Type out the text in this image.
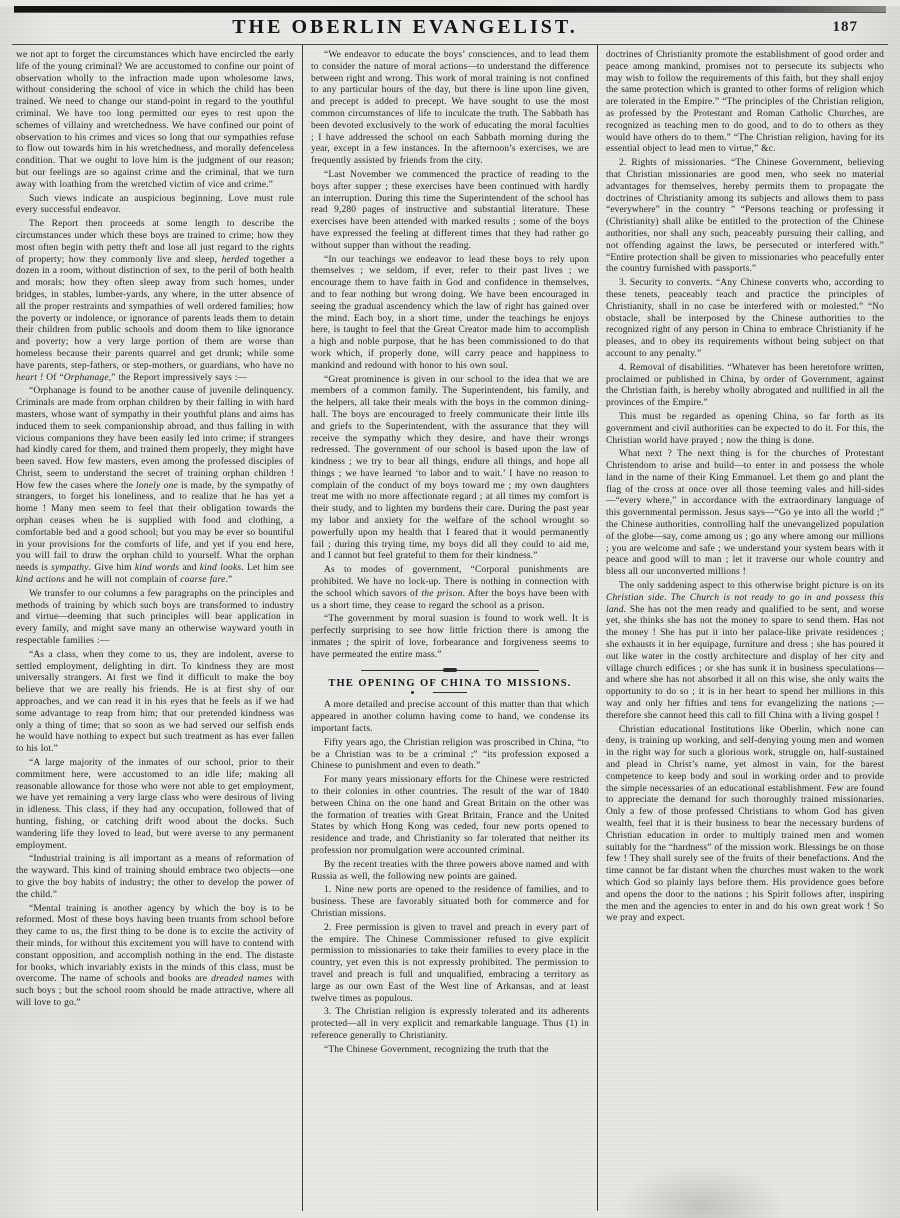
THE OBERLIN EVANGELIST.	187

we not apt to forget the circumstances which have encircled the early life of the young criminal? We are accustomed to confine our point of observation wholly to the infraction made upon wholesome laws, without considering the school of vice in which the child has been trained. We need to change our stand-point in regard to the youthful criminal. We have too long permitted our eyes to rest upon the schemes of villainy and wretchedness. We have confined our point of observation to his crimes and vices so long that our sympathies refuse to flow out towards him in his wretchedness, and morally defenceless condition. That we ought to love him is the judgment of our reason; but our feelings are so against crime and the criminal, that we turn away with loathing from the wretched victim of vice and crime.”

Such views indicate an auspicious beginning. Love must rule every successful endeavor.

The Report then proceeds at some length to describe the circumstances under which these boys are trained to crime; how they most often begin with petty theft and lose all just regard to the rights of property; how they commonly live and sleep, herded together a dozen in a room, without distinction of sex, to the peril of both health and morals; how they often sleep away from such homes, under bridges, in stables, lumber-yards, any where, in the utter absence of all the proper restraints and sympathies of well ordered families; how the poverty or indolence, or ignorance of parents leads them to detain their children from public schools and doom them to like ignorance and poverty; how a very large portion of them are worse than homeless because their parents quarrel and get drunk; while some have parents, step-fathers, or step-mothers, or guardians, who have no heart ! Of “Orphanage,” the Report impressively says :—

“Orphanage is found to be another cause of juvenile delinquency. Criminals are made from orphan children by their falling in with hard masters, whose want of sympathy in their youthful plans and aims has induced them to seek companionship abroad, and thus falling in with vicious companions they have been easily led into crime; if strangers had kindly cared for them, and trained them properly, they might have been saved. How few masters, even among the professed disciples of Christ, seem to understand the secret of training orphan children ! How few the cases where the lonely one is made, by the sympathy of strangers, to forget his loneliness, and to realize that he has yet a home ! Many men seem to feel that their obligation towards the orphan ceases when he is supplied with food and clothing, a comfortable bed and a good school; but you may be ever so bountiful in your provisions for the comforts of life, and yet if you end here, you will fail to draw the orphan child to yourself. What the orphan needs is sympathy. Give him kind words and kind looks. Let him see kind actions and he will not complain of coarse fare.”

We transfer to our columns a few paragraphs on the principles and methods of training by which such boys are transformed to industry and virtue—deeming that such principles will bear application in every family, and might save many an otherwise wayward youth in respectable families :—

“As a class, when they come to us, they are indolent, averse to settled employment, delighting in dirt. To kindness they are most universally strangers. At first we find it difficult to make the boy believe that we are really his friends. He is at first shy of our approaches, and we can read it in his eyes that he feels as if we had some advantage to reap from him; that our pretended kindness was only a thing of time; that so soon as we had served our selfish ends he would have nothing to expect but such treatment as has ever fallen to his lot.”

“A large majority of the inmates of our school, prior to their commitment here, were accustomed to an idle life; making all reasonable allowance for those who were not able to get employment, we have yet remaining a very large class who were desirous of living in idleness. This class, if they had any occupation, followed that of hunting, fishing, or catching drift wood about the docks. Such wandering life they loved to lead, but were averse to any permanent employment.

“Industrial training is all important as a means of reformation of the wayward. This kind of training should embrace two objects—one to give the boy habits of industry; the other to develop the power of the child.”

“Mental training is another agency by which the boy is to be reformed. Most of these boys having been truants from school before they came to us, the first thing to be done is to excite the activity of their minds, for without this excitement you will have to contend with constant opposition, and accomplish nothing in the end. The distaste for books, which invariably exists in the minds of this class, must be overcome. The name of schools and books are dreaded names with such boys ; but the school room should be made attractive, where all will love to go.”

“We endeavor to educate the boys’ consciences, and to lead them to consider the nature of moral actions—to understand the difference between right and wrong. This work of moral training is not confined to any particular hours of the day, but there is line upon line given, and precept is added to precept. We have sought to use the most common circumstances of life to inculcate the truth. The Sabbath has been devoted exclusively to the work of educating the moral faculties ; I have addressed the school on each Sabbath morning during the year, except in a few instances. In the afternoon’s exercises, we are frequently assisted by friends from the city.

“Last November we commenced the practice of reading to the boys after supper ; these exercises have been continued with hardly an interruption. During this time the Superintendent of the school has read 9,280 pages of instructive and substantial literature. These exercises have been attended with marked results ; some of the boys have expressed the feeling at different times that they had rather go without supper than without the reading.

“In our teachings we endeavor to lead these boys to rely upon themselves ; we seldom, if ever, refer to their past lives ; we encourage them to have faith in God and confidence in themselves, and to fear nothing but wrong doing. We have been encouraged in seeing the gradual ascendency which the law of right has gained over the mind. Each boy, in a short time, under the teachings he enjoys here, is taught to feel that the Great Creator made him to accomplish a high and noble purpose, that he has been commissioned to do that work which, if properly done, will carry peace and happiness to mankind and redound with honor to his own soul.

“Great prominence is given in our school to the idea that we are members of a common family. The Superintendent, his family, and the helpers, all take their meals with the boys in the common dining-hall. The boys are encouraged to freely communicate their little ills and griefs to the Superintendent, with the assurance that they will receive the sympathy which they desire, and have their wrongs redressed. The government of our school is based upon the law of kindness ; we try to bear all things, endure all things, and hope all things ; we have learned ‘to labor and to wait.’ I have no reason to complain of the conduct of my boys toward me ; my own daughters treat me with no more affectionate regard ; at all times my comfort is their study, and to lighten my burdens their care. During the past year my labor and anxiety for the welfare of the school wrought so powerfully upon my health that I feared that it would permanently fail ; during this trying time, my boys did all they could to aid me, and I cannot but feel grateful to them for their kindness.”

As to modes of government, “Corporal punishments are prohibited. We have no lock-up. There is nothing in connection with the school which savors of the prison. After the boys have been with us a short time, they cease to regard the school as a prison.

“The government by moral suasion is found to work well. It is perfectly surprising to see how little friction there is among the inmates ; the spirit of love, forbearance and forgiveness seems to have permeated the entire mass.”

THE OPENING OF CHINA TO MISSIONS.

A more detailed and precise account of this matter than that which appeared in another column having come to hand, we condense its important facts.

Fifty years ago, the Christian religion was proscribed in China, “to be a Christian was to be a criminal ;” “its profession exposed a Chinese to punishment and even to death.”

For many years missionary efforts for the Chinese were restricted to their colonies in other countries. The result of the war of 1840 between China on the one hand and Great Britain on the other was the formation of treaties with Great Britain, France and the United States by which Hong Kong was ceded, four new ports opened to residence and trade, and Christianity so far tolerated that neither its profession nor promulgation were accounted criminal.

By the recent treaties with the three powers above named and with Russia as well, the following new points are gained.

1. Nine new ports are opened to the residence of families, and to business. These are favorably situated both for commerce and for Christian missions.

2. Free permission is given to travel and preach in every part of the empire. The Chinese Commissioner refused to give explicit permission to missionaries to take their families to every place in the country, yet even this is not expressly prohibited. The permission to travel and preach is full and unqualified, embracing a territory as large as our own East of the West line of Arkansas, and at least twelve times as populous.

3. The Christian religion is expressly tolerated and its adherents protected—all in very explicit and remarkable language. Thus (1) in reference generally to Christianity.

“The Chinese Government, recognizing the truth that the

doctrines of Christianity promote the establishment of good order and peace among mankind, promises not to persecute its subjects who may wish to follow the requirements of this faith, but they shall enjoy the same protection which is granted to other forms of religion which are tolerated in the Empire.” “The principles of the Christian religion, as professed by the Protestant and Roman Catholic Churches, are recognized as teaching men to do good, and to do to others as they would have others do to them.” “The Christian religion, having for its essential object to lead men to virtue,” &c.

2. Rights of missionaries. “The Chinese Government, believing that Christian missionaries are good men, who seek no material advantages for themselves, hereby permits them to propagate the doctrines of Christianity among its subjects and allows them to pass “everywhere” in the country ” “Persons teaching or professing it (Christianity) shall alike be entitled to the protection of the Chinese authorities, nor shall any such, peaceably pursuing their calling, and not offending against the laws, be persecuted or interfered with.” “Entire protection shall be given to missionaries who peacefully enter the country furnished with passports.”

3. Security to converts. “Any Chinese converts who, according to these tenets, peaceably teach and practice the principles of Christianity, shall in no case be interfered with or molested.” “No obstacle, shall be interposed by the Chinese authorities to the recognized right of any person in China to embrace Christianity if he pleases, and to obey its requirements without being subject on that account to any penalty.”

4. Removal of disabilities. “Whatever has been heretofore written, proclaimed or published in China, by order of Government, against the Christian faith, is hereby wholly abrogated and nullified in all the provinces of the Empire.”

This must be regarded as opening China, so far forth as its government and civil authorities can be expected to do it. For this, the Christian world have prayed ; now the thing is done.

What next ? The next thing is for the churches of Protestant Christendom to arise and build—to enter in and possess the whole land in the name of their King Emmanuel. Let them go and plant the flag of the cross at once over all those teeming vales and hill-sides—“every where,” in accordance with the extraordinary language of this governmental permisson. Jesus says—“Go ye into all the world ;” the Chinese authorities, controlling half the unevangelized population of the globe—say, come among us ; go any where among our millions ; you are welcome and safe ; we understand your system bears with it peace and good will to man ; let it traverse our whole country and bless all our unconverted millions !

The only saddening aspect to this otherwise bright picture is on its Christian side. The Church is not ready to go in and possess this land. She has not the men ready and qualified to be sent, and worse yet, she thinks she has not the money to spare to send them. Has not the money ! She has put it into her palace-like private residences ; she exhausts it in her equipage, furniture and dress ; she has poured it out like water in the costly architecture and display of her city and village church edifices ; or she has sunk it in business speculations—and where she has not absorbed it all on this wise, she only waits the opportunity to do so ; it is in her heart to spend her millions in this way and only her fifties and tens for evangelizing the nations ;—therefore she cannot heed this call to fill China with a living gospel !

Christian educational Institutions like Oberlin, which none can deny, is training up working, and self-denying young men and women in the right way for such a glorious work, struggle on, half-sustained and plead in Christ’s name, yet almost in vain, for the barest competence to keep body and soul in working order and to provide the simple necessaries of an educational establishment. Few are found to appreciate the demand for such thoroughly trained missionaries. Only a few of those professed Christians to whom God has given wealth, feel that it is their business to bear the necessary burdens of Christian education in order to multiply trained men and women suitably for the “hardness” of the mission work. Blessings be on those few ! They shall surely see of the fruits of their benefactions. And the time cannot be far distant when the churches must waken to the work which God so plainly lays before them. His providence goes before and opens the door to the nations ; his Spirit follows after, inspiring the men and the agencies to enter in and do his own great work ! So we pray and expect.
